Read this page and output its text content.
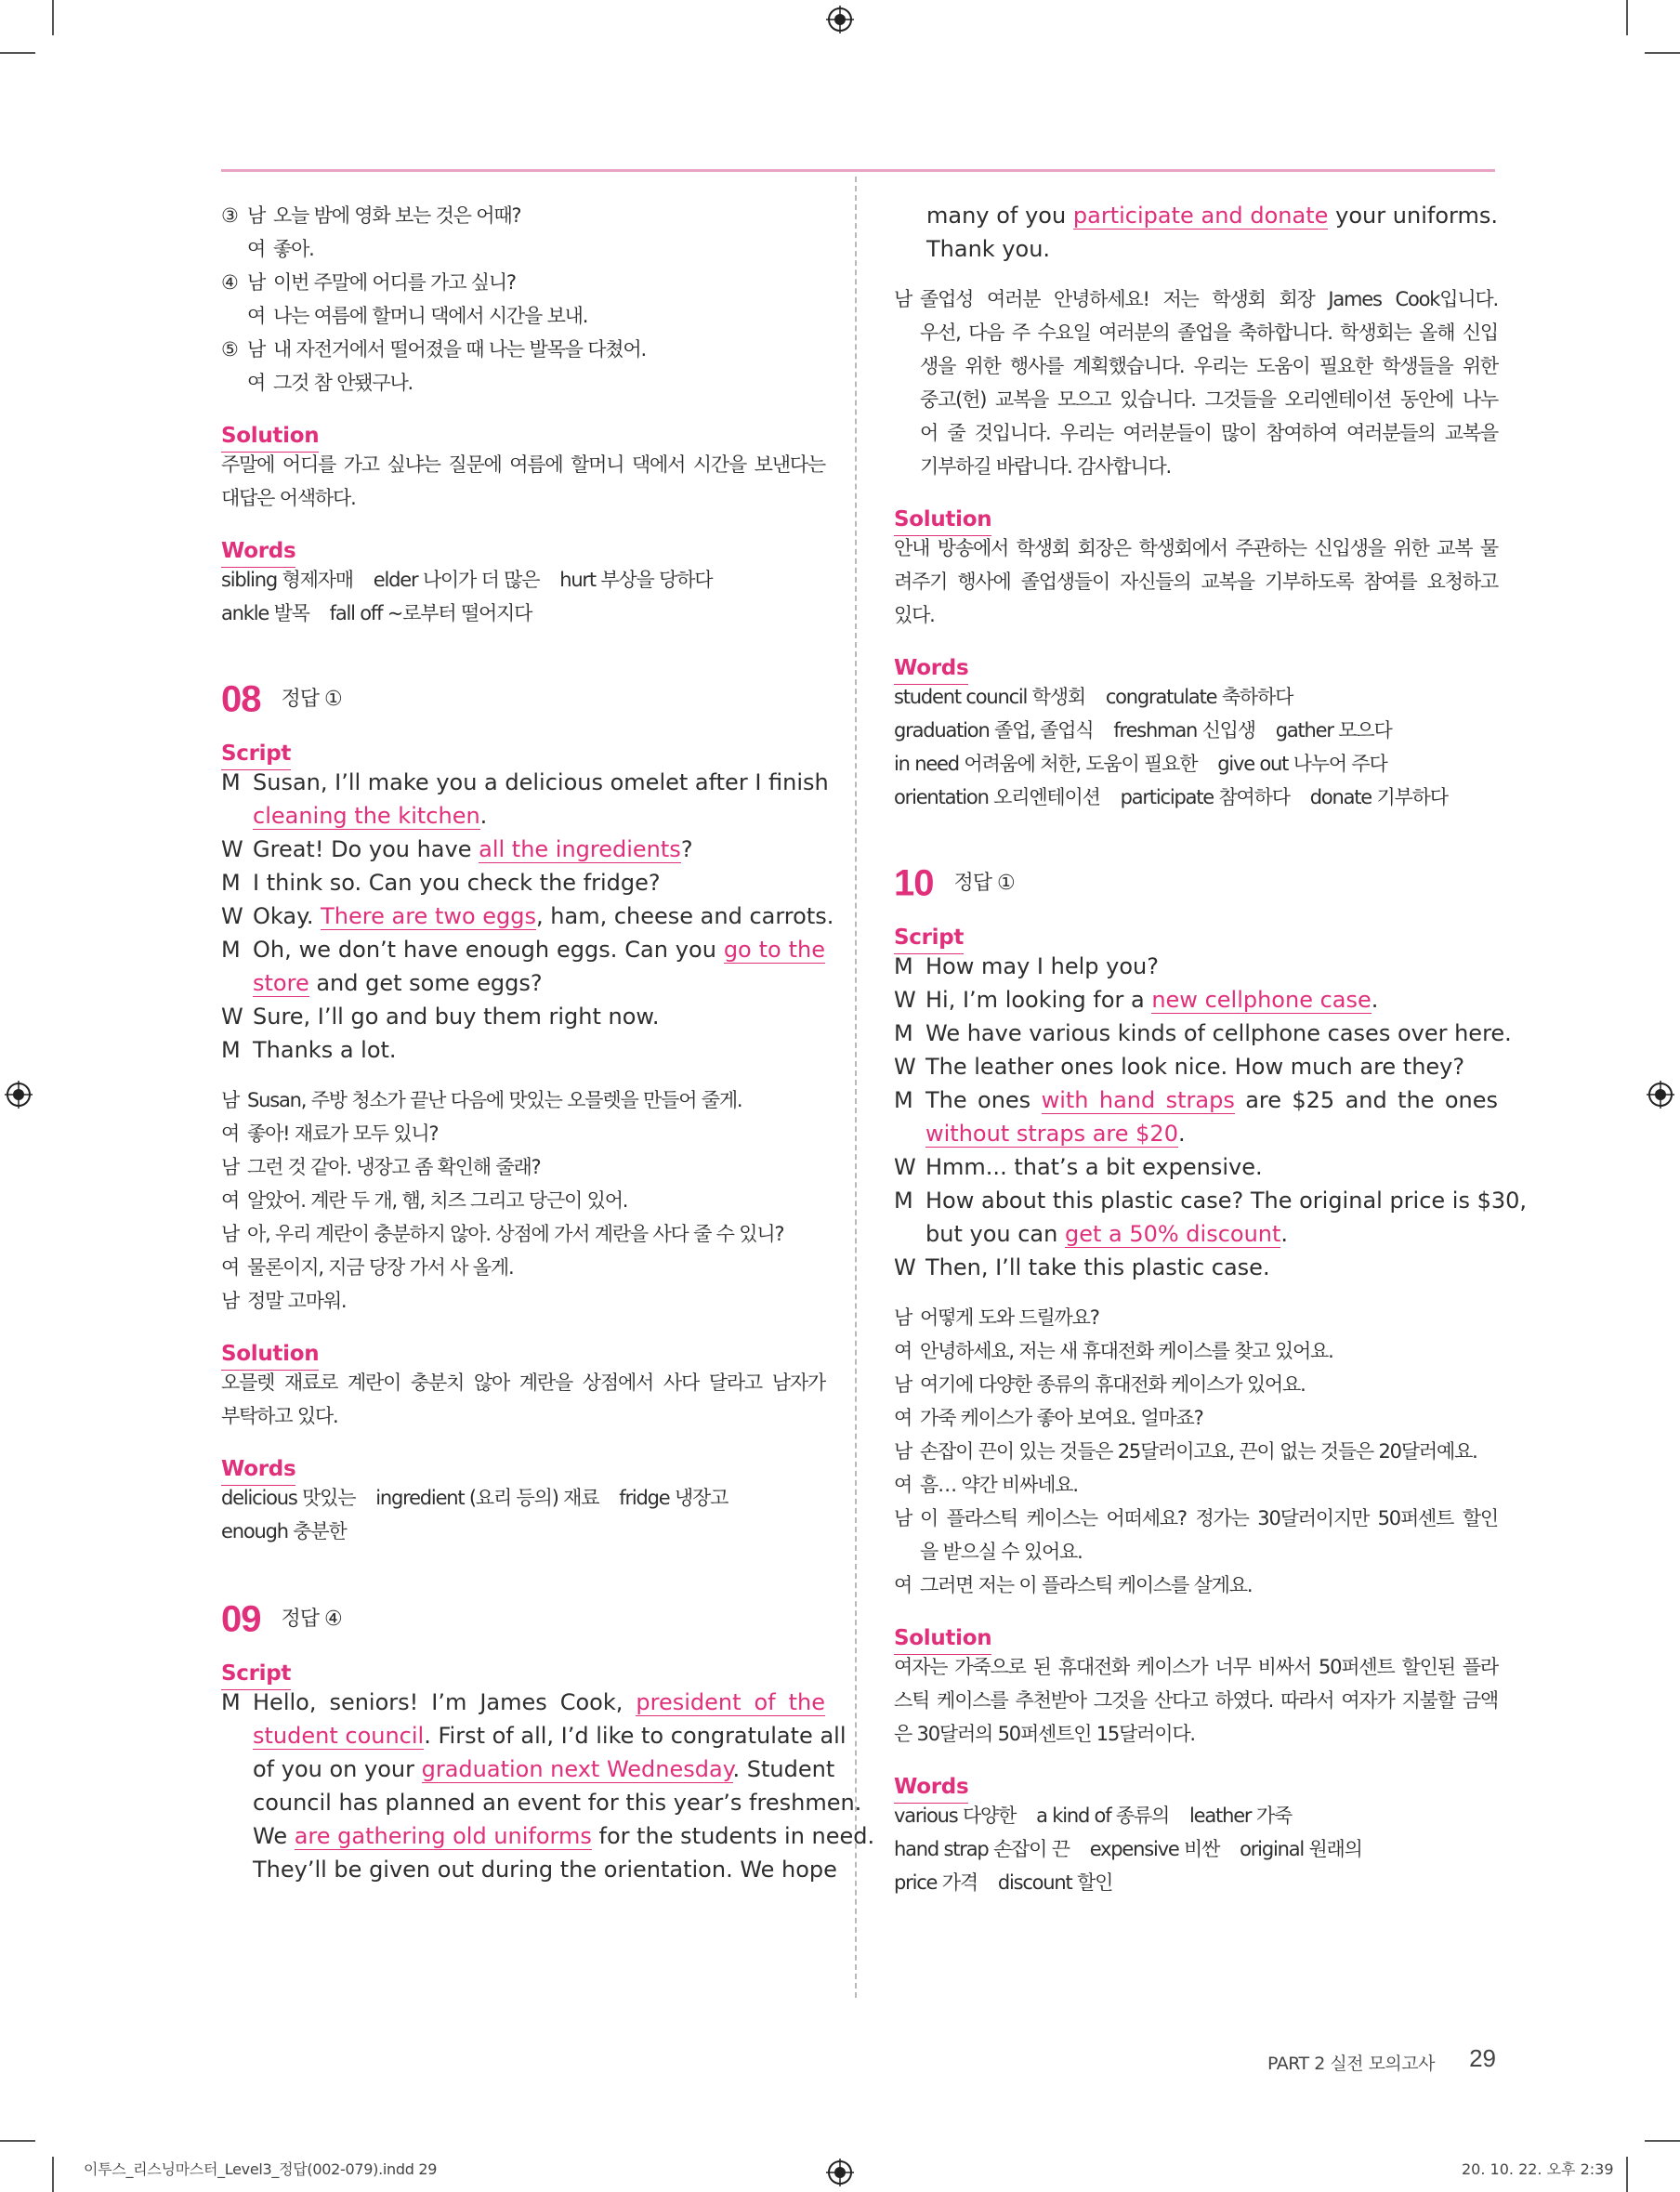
③ 남 오늘 밤에 영화 보는 것은 어때?
여 좋아.
④ 남 이번 주말에 어디를 가고 싶니?
여 나는 여름에 할머니 댁에서 시간을 보내.
⑤ 남 내 자전거에서 떨어졌을 때 나는 발목을 다쳤어.
여 그것 참 안됐구나.
Solution
주말에 어디를 가고 싶냐는 질문에 여름에 할머니 댁에서 시간을 보낸다는
대답은 어색하다.
Words
sibling 형제자매    elder 나이가 더 많은    hurt 부상을 당하다
ankle 발목    fall off ~로부터 떨어지다
08 정답 ①
Script
M Susan, I’ll make you a delicious omelet after I finish
cleaning the kitchen.
W Great! Do you have all the ingredients?
M I think so. Can you check the fridge?
W Okay. There are two eggs, ham, cheese and carrots.
M Oh, we don’t have enough eggs. Can you go to the
store and get some eggs?
W Sure, I’ll go and buy them right now.
M Thanks a lot.
남 Susan, 주방 청소가 끝난 다음에 맛있는 오믈렛을 만들어 줄게.
여 좋아! 재료가 모두 있니?
남 그런 것 같아. 냉장고 좀 확인해 줄래?
여 알았어. 계란 두 개, 햄, 치즈 그리고 당근이 있어.
남 아, 우리 계란이 충분하지 않아. 상점에 가서 계란을 사다 줄 수 있니?
여 물론이지, 지금 당장 가서 사 올게.
남 정말 고마워.
Solution
오믈렛 재료로 계란이 충분치 않아 계란을 상점에서 사다 달라고 남자가
부탁하고 있다.
Words
delicious 맛있는    ingredient (요리 등의) 재료    fridge 냉장고
enough 충분한
09 정답 ④
Script
M Hello, seniors! I’m James Cook, president of the
student council. First of all, I’d like to congratulate all
of you on your graduation next Wednesday. Student
council has planned an event for this year’s freshmen.
We are gathering old uniforms for the students in need.
They’ll be given out during the orientation. We hope
many of you participate and donate your uniforms.
Thank you.
남 졸업성 여러분 안녕하세요! 저는 학생회 회장 James Cook입니다.
우선, 다음 주 수요일 여러분의 졸업을 축하합니다. 학생회는 올해 신입
생을 위한 행사를 계획했습니다. 우리는 도움이 필요한 학생들을 위한
중고(헌) 교복을 모으고 있습니다. 그것들을 오리엔테이션 동안에 나누
어 줄 것입니다. 우리는 여러분들이 많이 참여하여 여러분들의 교복을
기부하길 바랍니다. 감사합니다.
Solution
안내 방송에서 학생회 회장은 학생회에서 주관하는 신입생을 위한 교복 물
려주기 행사에 졸업생들이 자신들의 교복을 기부하도록 참여를 요청하고
있다.
Words
student council 학생회    congratulate 축하하다
graduation 졸업, 졸업식    freshman 신입생    gather 모으다
in need 어려움에 처한, 도움이 필요한    give out 나누어 주다
orientation 오리엔테이션    participate 참여하다    donate 기부하다
10 정답 ①
Script
M How may I help you?
W Hi, I’m looking for a new cellphone case.
M We have various kinds of cellphone cases over here.
W The leather ones look nice. How much are they?
M The ones with hand straps are $25 and the ones
without straps are $20.
W Hmm... that’s a bit expensive.
M How about this plastic case? The original price is $30,
but you can get a 50% discount.
W Then, I’ll take this plastic case.
남 어떻게 도와 드릴까요?
여 안녕하세요, 저는 새 휴대전화 케이스를 찾고 있어요.
남 여기에 다양한 종류의 휴대전화 케이스가 있어요.
여 가죽 케이스가 좋아 보여요. 얼마죠?
남 손잡이 끈이 있는 것들은 25달러이고요, 끈이 없는 것들은 20달러예요.
여 흠… 약간 비싸네요.
남 이 플라스틱 케이스는 어떠세요? 정가는 30달러이지만 50퍼센트 할인
을 받으실 수 있어요.
여 그러면 저는 이 플라스틱 케이스를 살게요.
Solution
여자는 가죽으로 된 휴대전화 케이스가 너무 비싸서 50퍼센트 할인된 플라
스틱 케이스를 추천받아 그것을 산다고 하였다. 따라서 여자가 지불할 금액
은 30달러의 50퍼센트인 15달러이다.
Words
various 다양한    a kind of 종류의    leather 가죽
hand strap 손잡이 끈    expensive 비싼    original 원래의
price 가격    discount 할인
PART 2 실전 모의고사 29
이투스_리스닝마스터_Level3_정답(002-079).indd 29	20. 10. 22. 오후 2:39
